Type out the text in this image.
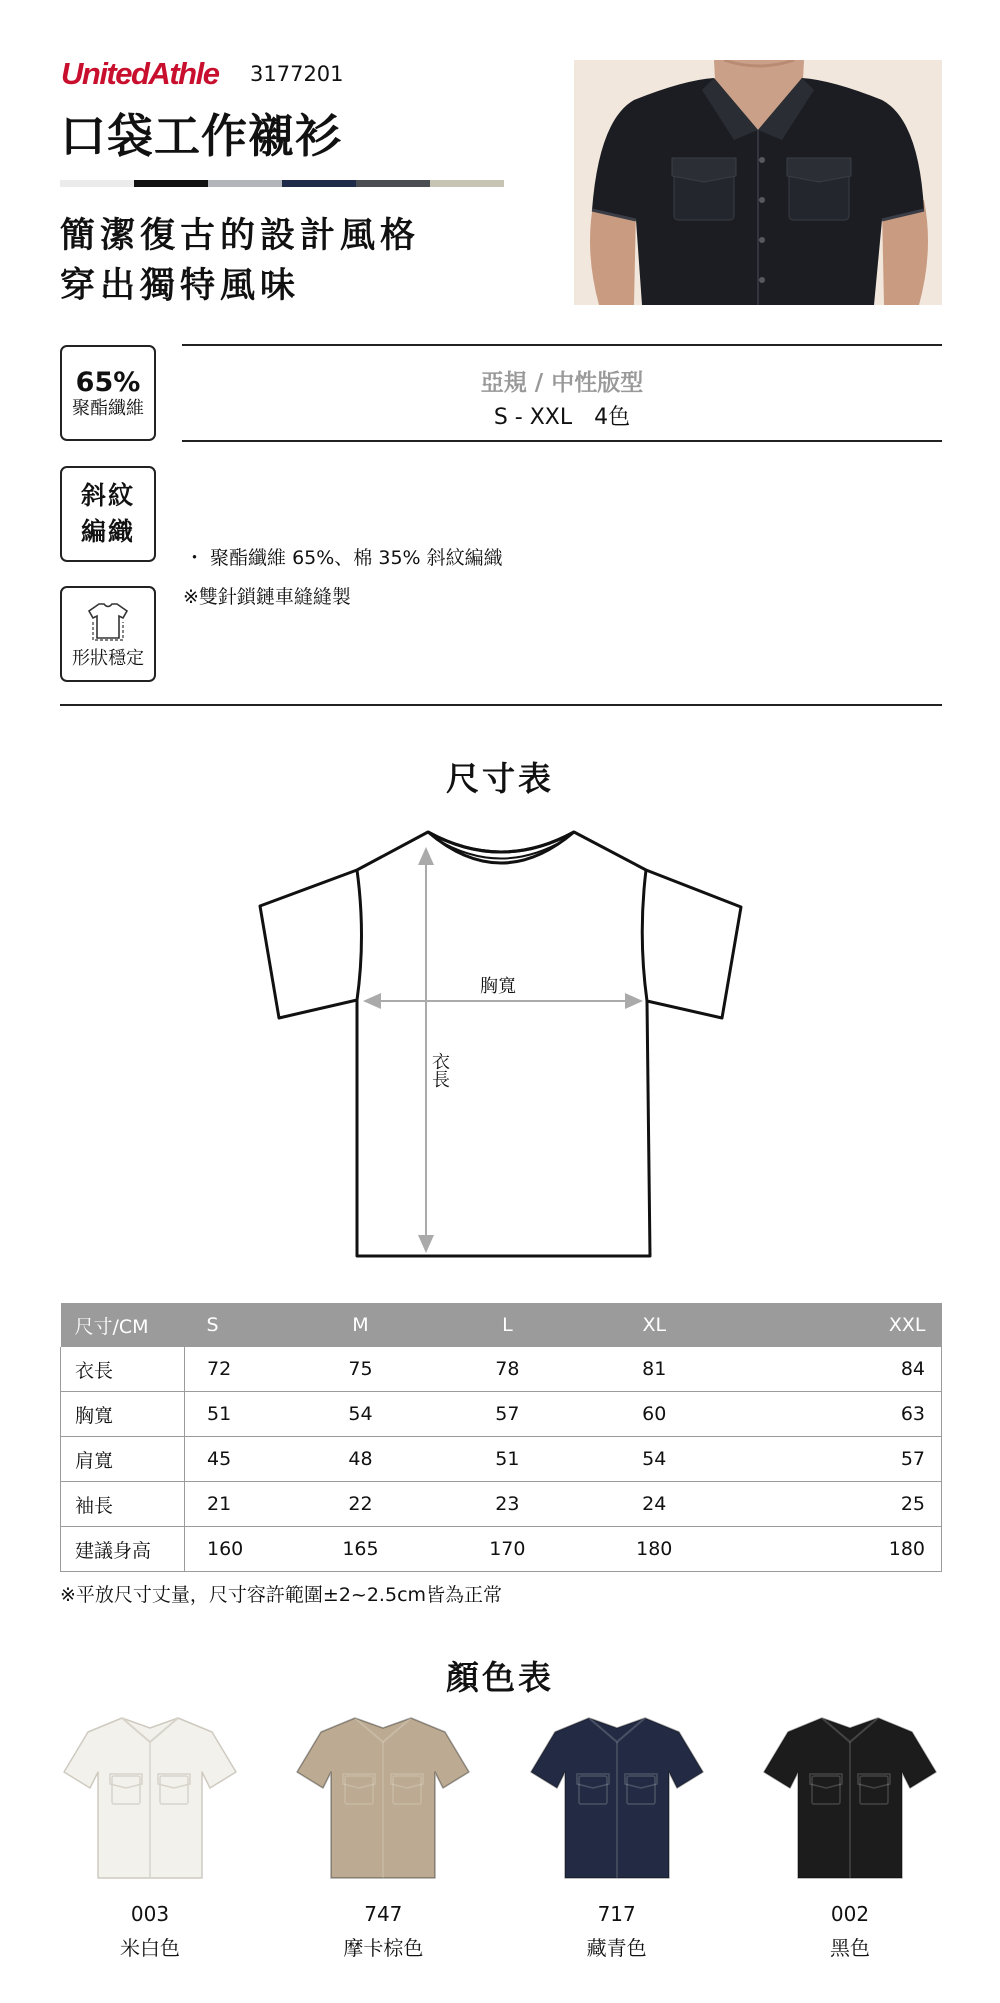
UnitedAthle 3177201
口袋工作襯衫
簡潔復古的設計風格
穿出獨特風味
65%
聚酯纖維
斜紋
編織
形狀穩定
亞規 / 中性版型
S - XXL　4色
・ 聚酯纖維 65%、棉 35% 斜紋編織
※雙針鎖鏈車縫縫製
尺寸表
胸寬
衣長
尺寸/CM	S	M	L	XL	XXL
衣長	72	75	78	81	84
胸寬	51	54	57	60	63
肩寬	45	48	51	54	57
袖長	21	22	23	24	25
建議身高	160	165	170	180	180
※平放尺寸丈量，尺寸容許範圍±2~2.5cm皆為正常
顏色表
003
米白色
747
摩卡棕色
717
藏青色
002
黑色
